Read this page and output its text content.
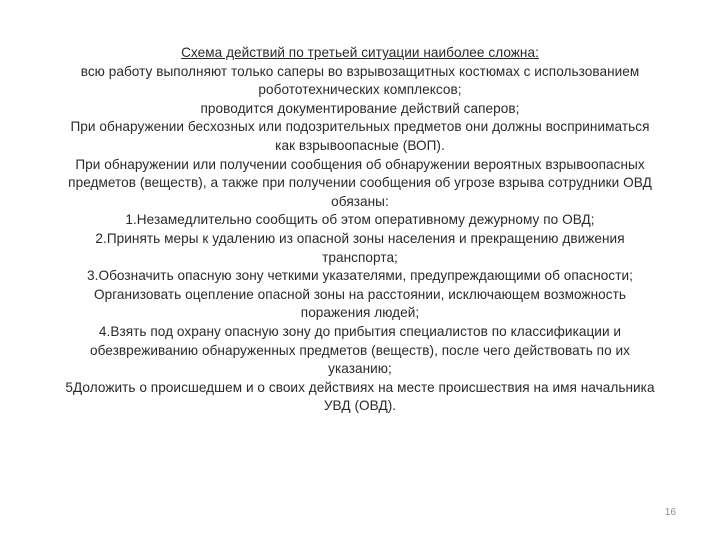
Схема действий по третьей ситуации наиболее сложна:
всю работу выполняют только саперы во взрывозащитных костюмах с использованием
робототехнических комплексов;
проводится документирование действий саперов;
При обнаружении бесхозных или подозрительных предметов они должны восприниматься
как взрывоопасные (ВОП).
При обнаружении или получении сообщения об обнаружении вероятных взрывоопасных
предметов (веществ), а также при получении сообщения об угрозе взрыва сотрудники ОВД
обязаны:
1.Незамедлительно сообщить об этом оперативному дежурному по ОВД;
2.Принять меры к удалению из опасной зоны населения и прекращению движения
транспорта;
3.Обозначить опасную зону четкими указателями, предупреждающими об опасности;
Организовать оцепление опасной зоны на расстоянии, исключающем возможность
поражения людей;
4.Взять под охрану опасную зону до прибытия специалистов по классификации и
обезвреживанию обнаруженных предметов (веществ), после чего действовать по их
указанию;
5Доложить о происшедшем и о своих действиях на месте происшествия на имя начальника
УВД (ОВД).
16
